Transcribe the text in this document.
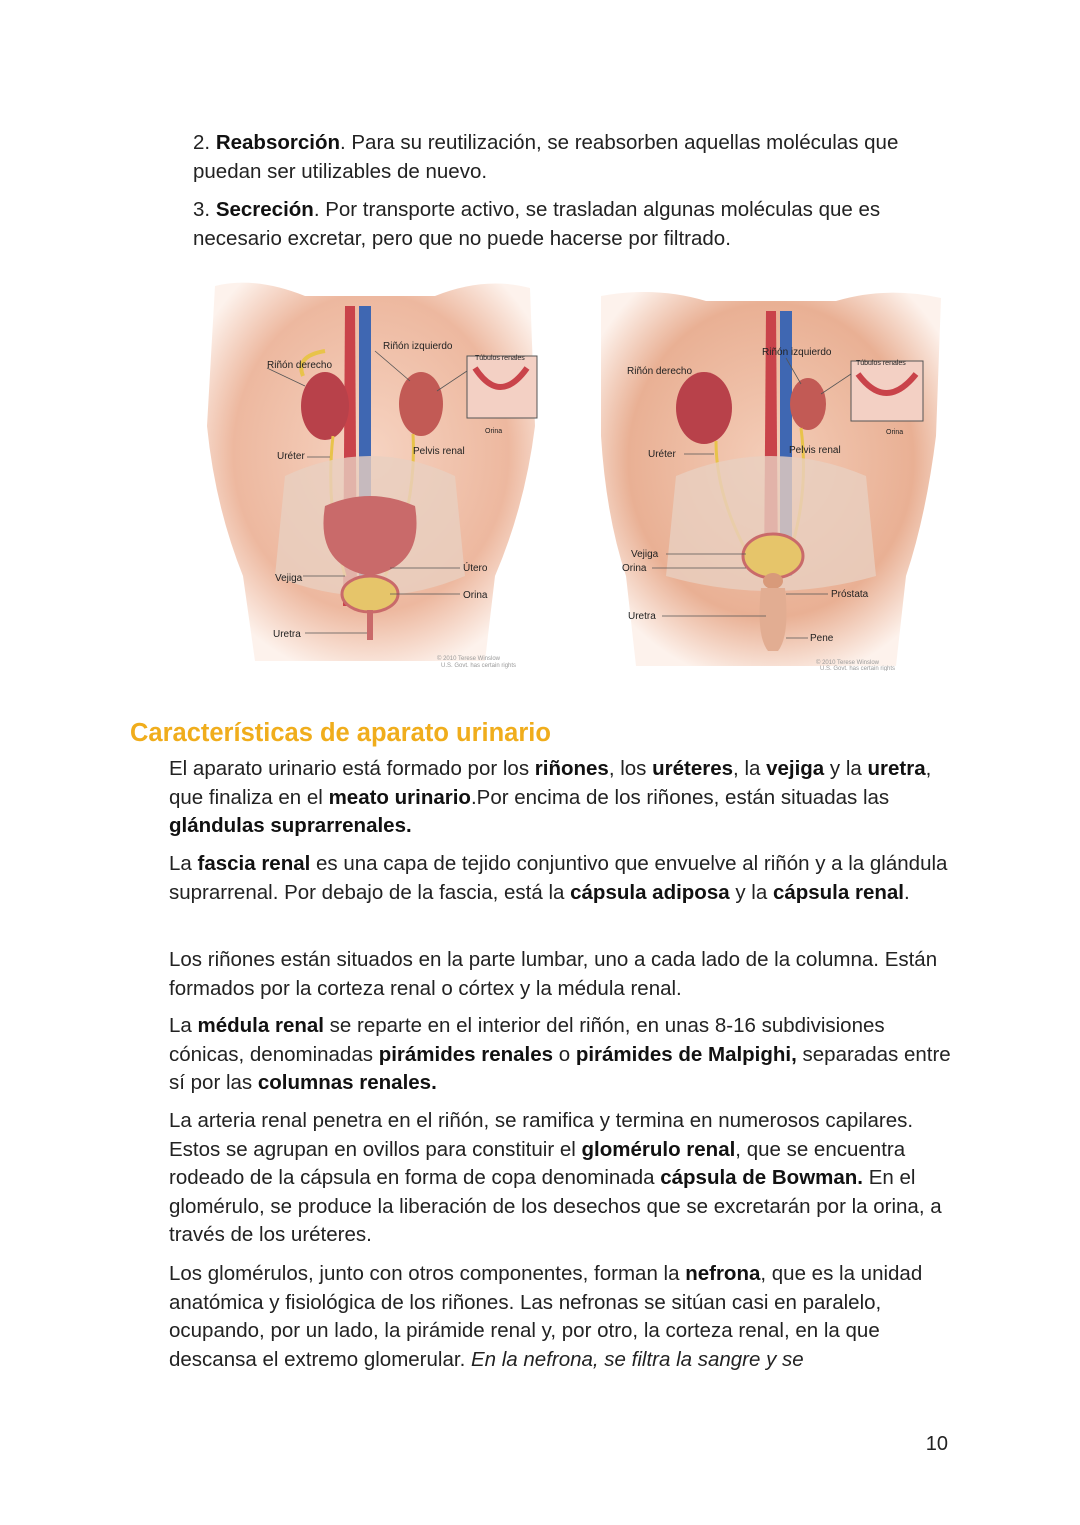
2. Reabsorción. Para su reutilización, se reabsorben aquellas moléculas que puedan ser utilizables de nuevo.
3. Secreción. Por transporte activo, se trasladan algunas moléculas que es necesario excretar, pero que no puede hacerse por filtrado.
Riñón derecho
Riñón izquierdo
Túbulos renales
Orina
Pelvis renal
Uréter
Útero
Vejiga
Orina
Uretra
© 2010 Terese Winslow
U.S. Govt. has certain rights
Riñón derecho
Riñón izquierdo
Túbulos renales
Orina
Pelvis renal
Uréter
Vejiga
Orina
Uretra
Próstata
Pene
© 2010 Terese Winslow
U.S. Govt. has certain rights
Características de aparato urinario
El aparato urinario está formado por los riñones, los uréteres, la vejiga y la uretra, que finaliza en el meato urinario.Por encima de los riñones, están situadas las glándulas suprarrenales.
La fascia renal es una capa de tejido conjuntivo que envuelve al riñón y a la glándula suprarrenal. Por debajo de la fascia, está la cápsula adiposa y la cápsula renal.
Los riñones están situados en la parte lumbar, uno a cada lado de la columna. Están formados por la corteza renal o córtex y la médula renal.
La médula renal se reparte en el interior del riñón, en unas 8-16 subdivisiones cónicas, denominadas pirámides renales o pirámides de Malpighi, separadas entre sí por las columnas renales.
La arteria renal penetra en el riñón, se ramifica y termina en numerosos capilares. Estos se agrupan en ovillos para constituir el glomérulo renal, que se encuentra rodeado de la cápsula en forma de copa denominada cápsula de Bowman. En el glomérulo, se produce la liberación de los desechos que se excretarán por la orina, a través de los uréteres.
Los glomérulos, junto con otros componentes, forman la nefrona, que es la unidad anatómica y fisiológica de los riñones. Las nefronas se sitúan casi en paralelo, ocupando, por un lado, la pirámide renal y, por otro, la corteza renal, en la que descansa el extremo glomerular. En la nefrona, se filtra la sangre y se
10
